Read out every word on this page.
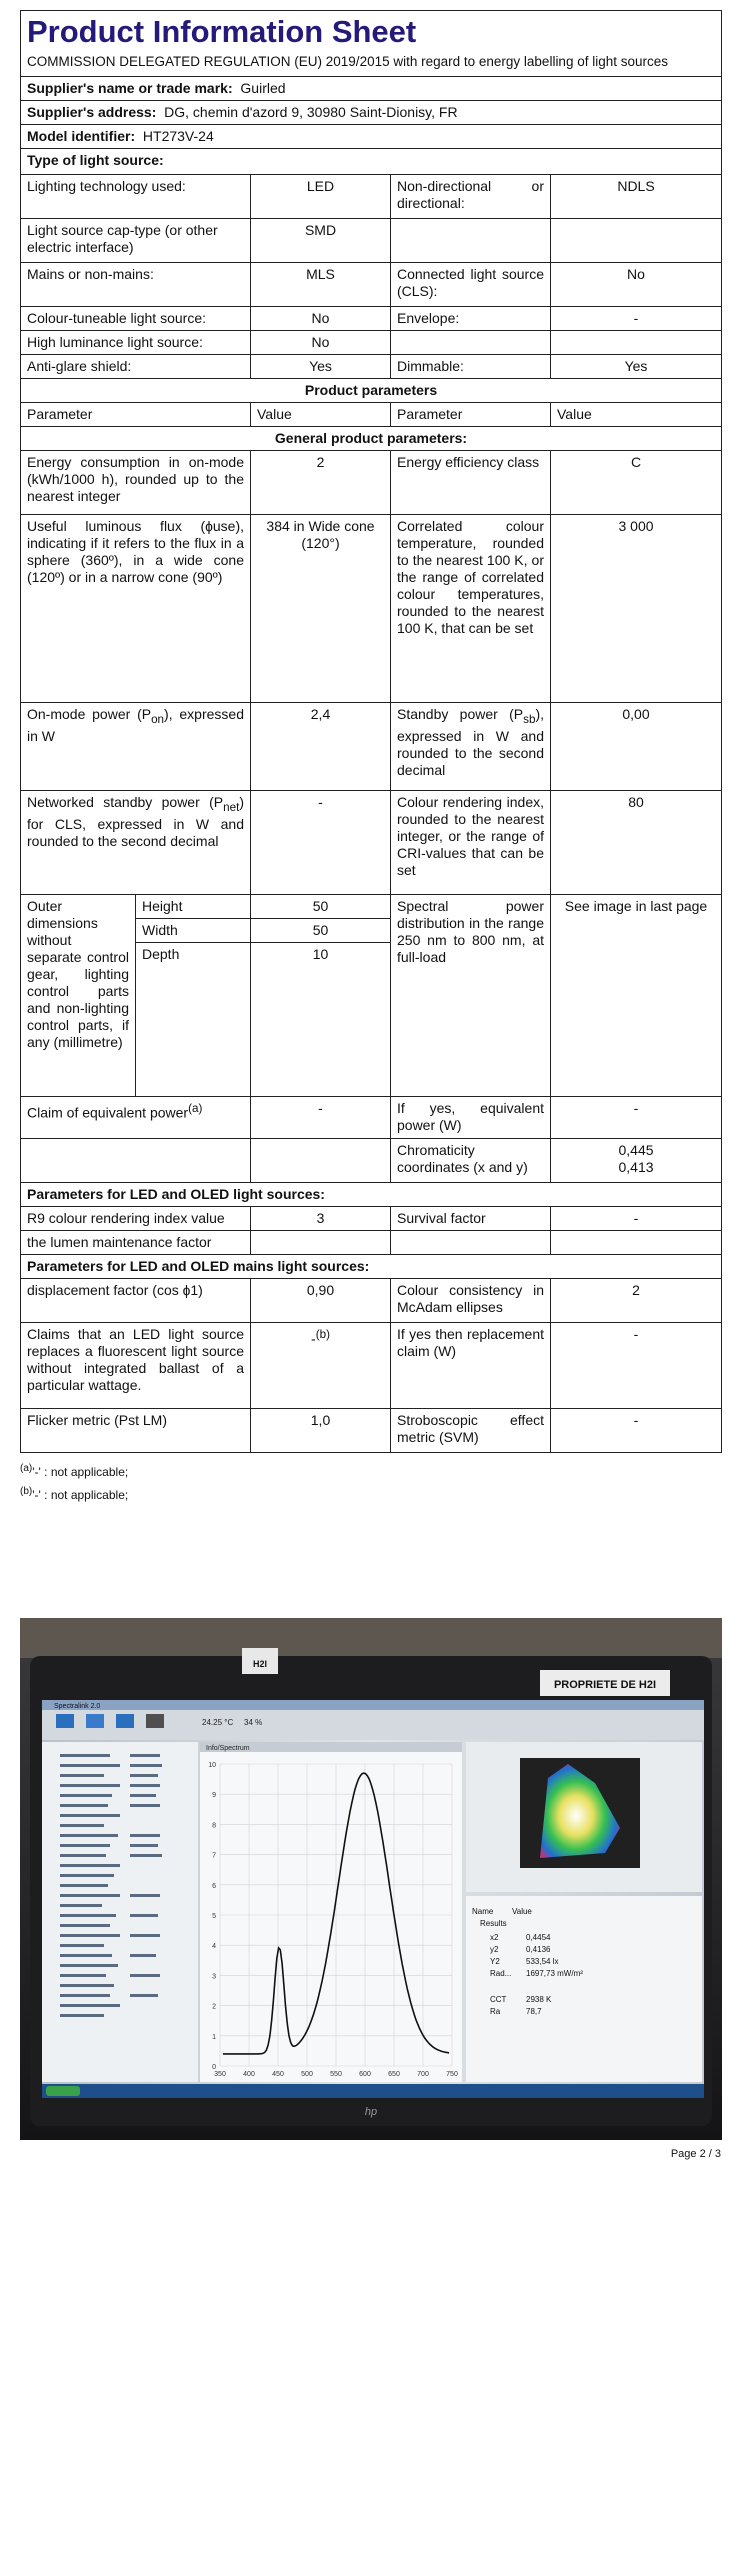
Product Information Sheet
COMMISSION DELEGATED REGULATION (EU) 2019/2015 with regard to energy labelling of light sources				

Supplier's name or trade mark: Guirled				
Supplier's address: DG, chemin d'azord 9, 30980 Saint-Dionisy, FR				
Model identifier: HT273V-24				
Type of light source:				
Lighting technology used:		LED	Non-directional or directional:	NDLS
Light source cap-type (or other electric interface)		SMD		
Mains or non-mains:		MLS	Connected light source (CLS):	No
Colour-tuneable light source:		No	Envelope:	-
High luminance light source:		No		
Anti-glare shield:		Yes	Dimmable:	Yes
Product parameters				
Parameter		Value	Parameter	Value
General product parameters:				
Energy consumption in on-mode (kWh/1000 h), rounded up to the nearest integer		2	Energy efficiency class	C
Useful luminous flux (ɸuse), indicating if it refers to the flux in a sphere (360º), in a wide cone (120º) or in a narrow cone (90º)		384 in Wide cone (120°)	Correlated colour temperature, rounded to the nearest 100 K, or the range of correlated colour temperatures, rounded to the nearest 100 K, that can be set	3 000
On-mode power $(P_{on})$, expressed in W		2,4	Standby power $(P_{sb})$, expressed in W and rounded to the second decimal	0,00
Networked standby power $(P_{net})$ for CLS, expressed in W and rounded to the second decimal		-	Colour rendering index, rounded to the nearest integer, or the range of CRI-values that can be set	80
Outer dimensions without separate control gear, lighting control parts and non-lighting control parts, if any (millimetre)	Height	50	Spectral power distribution in the range 250 nm to 800 nm, at full-load	See image in last page
	Width	50		
	Depth	10		
Claim of equivalent power$^{(a)}$		-	If yes, equivalent power (W)	-
			Chromaticity coordinates (x and y)	0,445
0,413

Parameters for LED and OLED light sources:				
R9 colour rendering index value		3	Survival factor	-
the lumen maintenance factor				
Parameters for LED and OLED mains light sources:				
displacement factor (cos ɸ1)		0,90	Colour consistency in McAdam ellipses	2
Claims that an LED light source replaces a fluorescent light source without integrated ballast of a particular wattage.		-$^{(b)}$	If yes then replacement claim (W)	-
Flicker metric (Pst LM)		1,0	Stroboscopic effect metric (SVM)	-
$^{(a)}$'-' : not applicable;
$^{(b)}$'-' : not applicable;
PROPRIETE DE H2I
H2I
Spectralink 2.0
24.25 °C 34 %
Info/Spectrum
10
9
8
7
6
5
4
3
2
1
0
350 400 450 500 550 600 650 700 750
Name Value
Results
x2	0,4454
y2	0,4136
Y2	533,54 lx
Rad... 1697,73 mW/m²
CCT 2938 K
Ra	78,7
hp
Page 2 / 3
